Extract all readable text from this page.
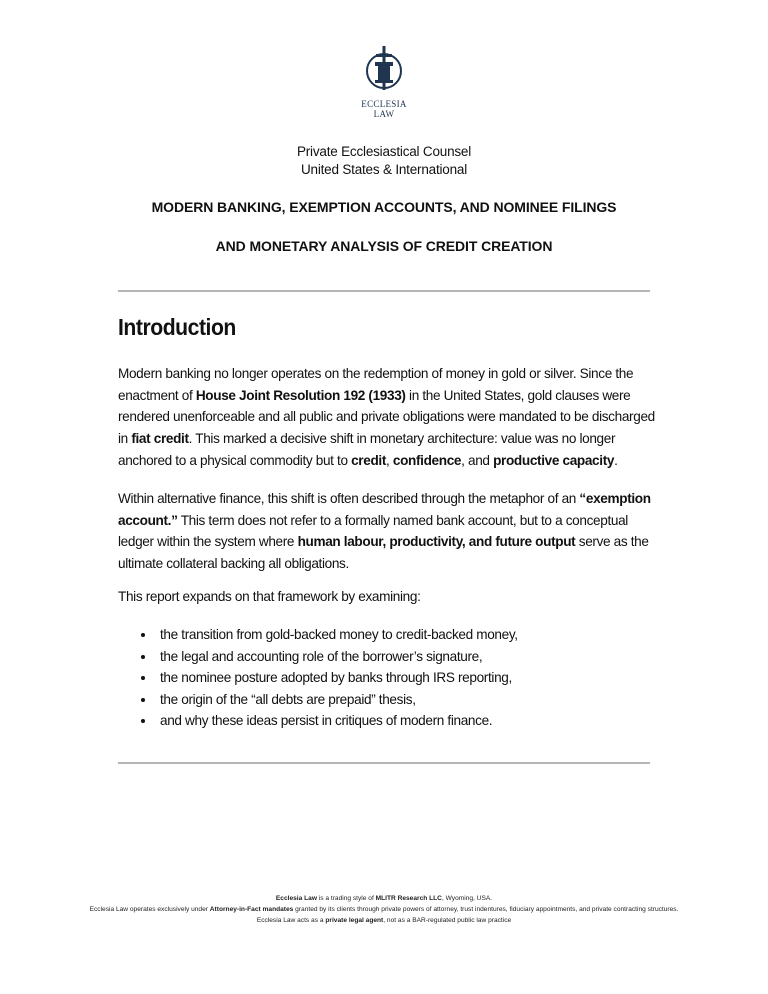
ECCLESIA
LAW
Private Ecclesiastical Counsel
United States & International
MODERN BANKING, EXEMPTION ACCOUNTS, AND NOMINEE FILINGS
AND MONETARY ANALYSIS OF CREDIT CREATION
Introduction

Modern banking no longer operates on the redemption of money in gold or silver. Since the enactment of House Joint Resolution 192 (1933) in the United States, gold clauses were rendered unenforceable and all public and private obligations were mandated to be discharged in fiat credit. This marked a decisive shift in monetary architecture: value was no longer anchored to a physical commodity but to credit, confidence, and productive capacity.

Within alternative finance, this shift is often described through the metaphor of an “exemption account.” This term does not refer to a formally named bank account, but to a conceptual ledger within the system where human labour, productivity, and future output serve as the ultimate collateral backing all obligations.

This report expands on that framework by examining:

• the transition from gold-backed money to credit-backed money,
• the legal and accounting role of the borrower’s signature,
• the nominee posture adopted by banks through IRS reporting,
• the origin of the “all debts are prepaid” thesis,
• and why these ideas persist in critiques of modern finance.
Ecclesia Law is a trading style of MLITR Research LLC, Wyoming, USA.
Ecclesia Law operates exclusively under Attorney-in-Fact mandates granted by its clients through private powers of attorney, trust indentures, fiduciary appointments, and private contracting structures. Ecclesia Law acts as a private legal agent, not as a BAR-regulated public law practice
